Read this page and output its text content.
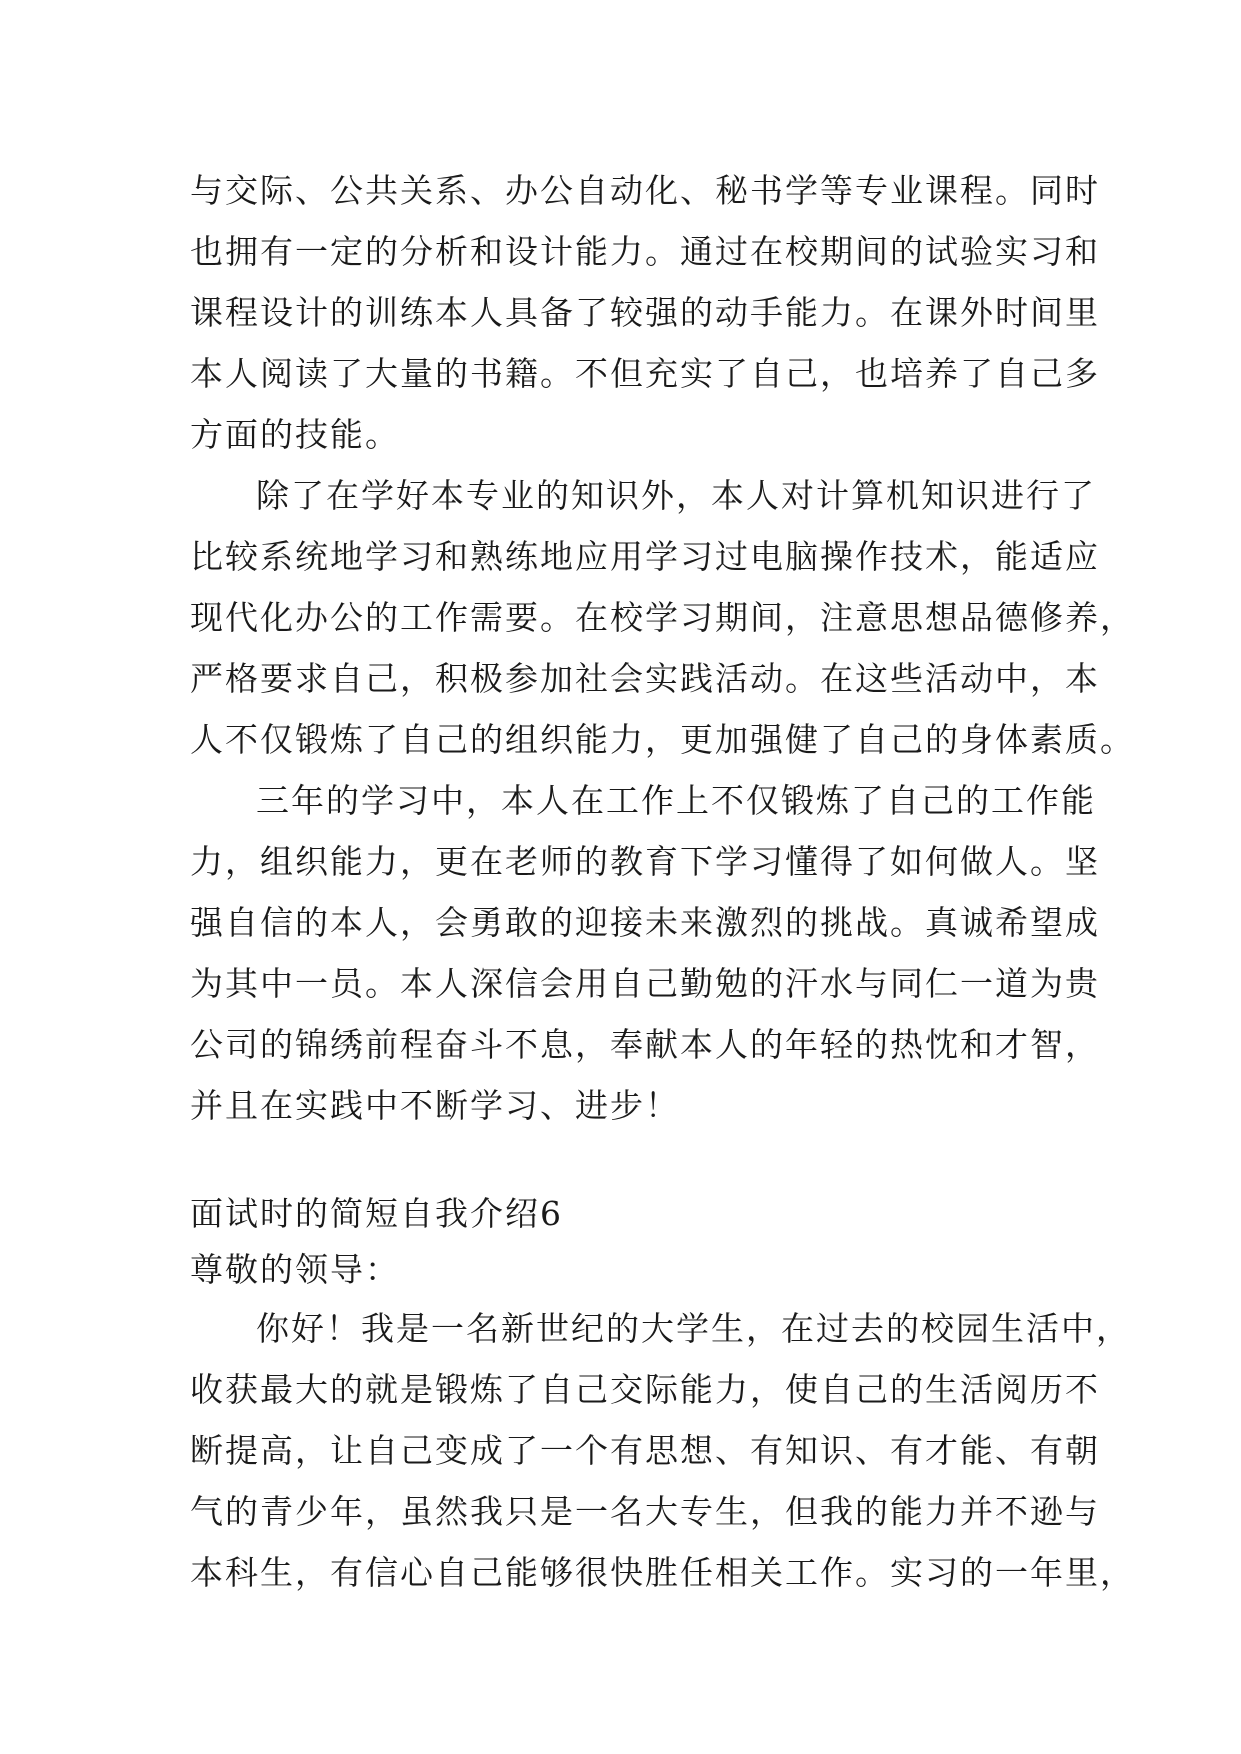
与 交 际 、 公 共 关 系 、 办 公 自 动 化 、 秘 书 学 等 专 业 课 程 。 同 时
也 拥 有 一 定 的 分 析 和 设 计 能 力 。 通 过 在 校 期 间 的 试 验 实 习 和
课 程 设 计 的 训 练 本 人 具 备 了 较 强 的 动 手 能 力 。 在 课 外 时 间 里
本 人 阅 读 了 大 量 的 书 籍 。 不 但 充 实 了 自 己 ， 也 培 养 了 自 己 多
方面的技能。
除 了 在 学 好 本 专 业 的 知 识 外 ， 本 人 对 计 算 机 知 识 进 行 了
比 较 系 统 地 学 习 和 熟 练 地 应 用 学 习 过 电 脑 操 作 技 术 ， 能 适 应
现 代 化 办 公 的 工 作 需 要 。 在 校 学 习 期 间 ， 注 意 思 想 品 德 修 养 ，
严 格 要 求 自 己 ， 积 极 参 加 社 会 实 践 活 动 。 在 这 些 活 动 中 ， 本
人 不 仅 锻 炼 了 自 己 的 组 织 能 力 ， 更 加 强 健 了 自 己 的 身 体 素 质 。
三 年 的 学 习 中 ， 本 人 在 工 作 上 不 仅 锻 炼 了 自 己 的 工 作 能
力 ， 组 织 能 力 ， 更 在 老 师 的 教 育 下 学 习 懂 得 了 如 何 做 人 。 坚
强 自 信 的 本 人 ， 会 勇 敢 的 迎 接 未 来 激 烈 的 挑 战 。 真 诚 希 望 成
为 其 中 一 员 。 本 人 深 信 会 用 自 己 勤 勉 的 汗 水 与 同 仁 一 道 为 贵
公 司 的 锦 绣 前 程 奋 斗 不 息 ， 奉 献 本 人 的 年 轻 的 热 忱 和 才 智 ，
并且在实践中不断学习、进步！
面试时的简短自我介绍6
尊敬的领导：
你 好 ！ 我 是 一 名 新 世 纪 的 大 学 生 ， 在 过 去 的 校 园 生 活 中 ，
收 获 最 大 的 就 是 锻 炼 了 自 己 交 际 能 力 ， 使 自 己 的 生 活 阅 历 不
断 提 高 ， 让 自 己 变 成 了 一 个 有 思 想 、 有 知 识 、 有 才 能 、 有 朝
气 的 青 少 年 ， 虽 然 我 只 是 一 名 大 专 生 ， 但 我 的 能 力 并 不 逊 与
本 科 生 ， 有 信 心 自 己 能 够 很 快 胜 任 相 关 工 作 。 实 习 的 一 年 里 ，
